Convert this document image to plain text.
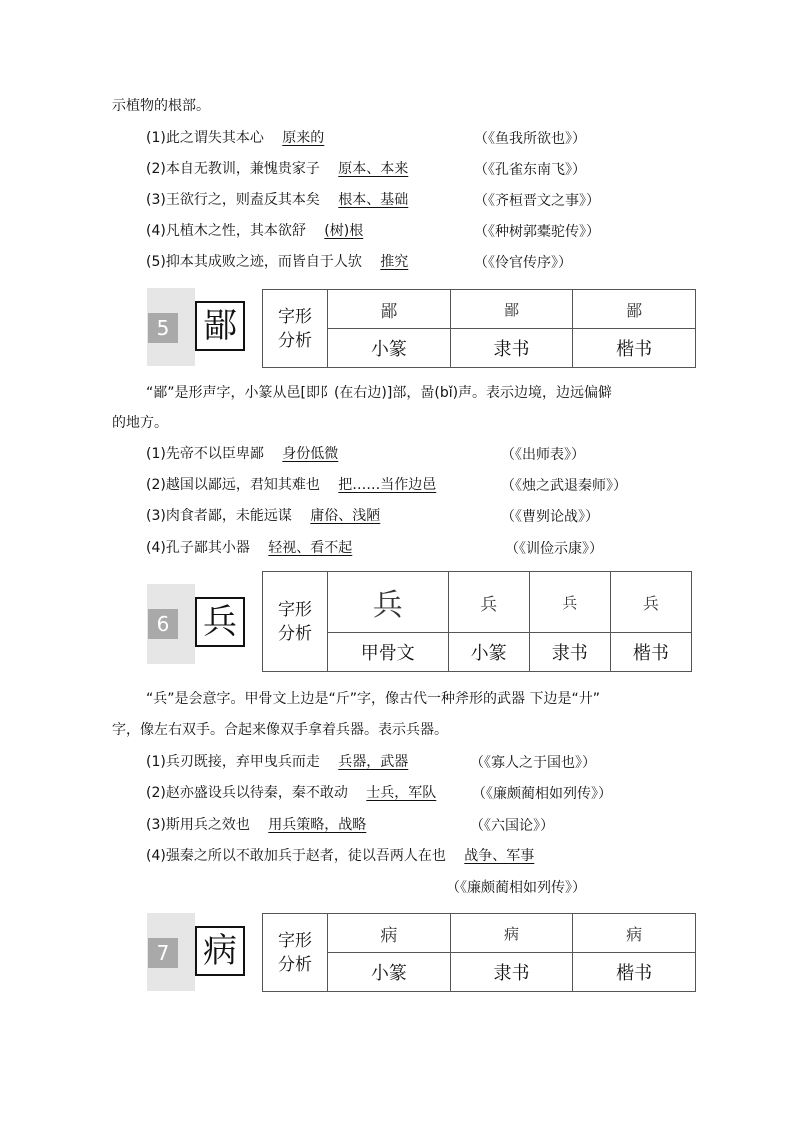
示植物的根部。
(1)此之谓失其本心 原来的	（《鱼我所欲也》）
(2)本自无教训，兼愧贵家子 原本、本来	（《孔雀东南飞》）
(3)王欲行之，则盍反其本矣 根本、基础	（《齐桓晋文之事》）
(4)凡植木之性，其本欲舒 (树)根	（《种树郭橐驼传》）
(5)抑本其成败之迹，而皆自于人欤 推究	（《伶官传序》）
5 鄙	字形
分析	鄙	鄙	鄙
	小篆	隶书	楷书
“鄙”是形声字，小篆从邑[即阝(在右边)]部，啚(bǐ)声。表示边境，边远偏僻
的地方。
(1)先帝不以臣卑鄙 身份低微	（《出师表》）
(2)越国以鄙远，君知其难也 把……当作边邑	（《烛之武退秦师》）
(3)肉食者鄙，未能远谋 庸俗、浅陋	（《曹刿论战》）
(4)孔子鄙其小器 轻视、看不起	（《训俭示康》）
6 兵	字形
分析	兵	兵	兵	兵
	甲骨文	小篆	隶书	楷书
“兵”是会意字。甲骨文上边是“斤”字，像古代一种斧形的武器 下边是“廾”
字，像左右双手。合起来像双手拿着兵器。表示兵器。
(1)兵刃既接，弃甲曳兵而走 兵器，武器	（《寡人之于国也》）
(2)赵亦盛设兵以待秦，秦不敢动 士兵，军队	（《廉颇蔺相如列传》）
(3)斯用兵之效也 用兵策略，战略	（《六国论》）
(4)强秦之所以不敢加兵于赵者，徒以吾两人在也 战争、军事
（《廉颇蔺相如列传》）
7 病	字形
分析	病	病	病
	小篆	隶书	楷书
